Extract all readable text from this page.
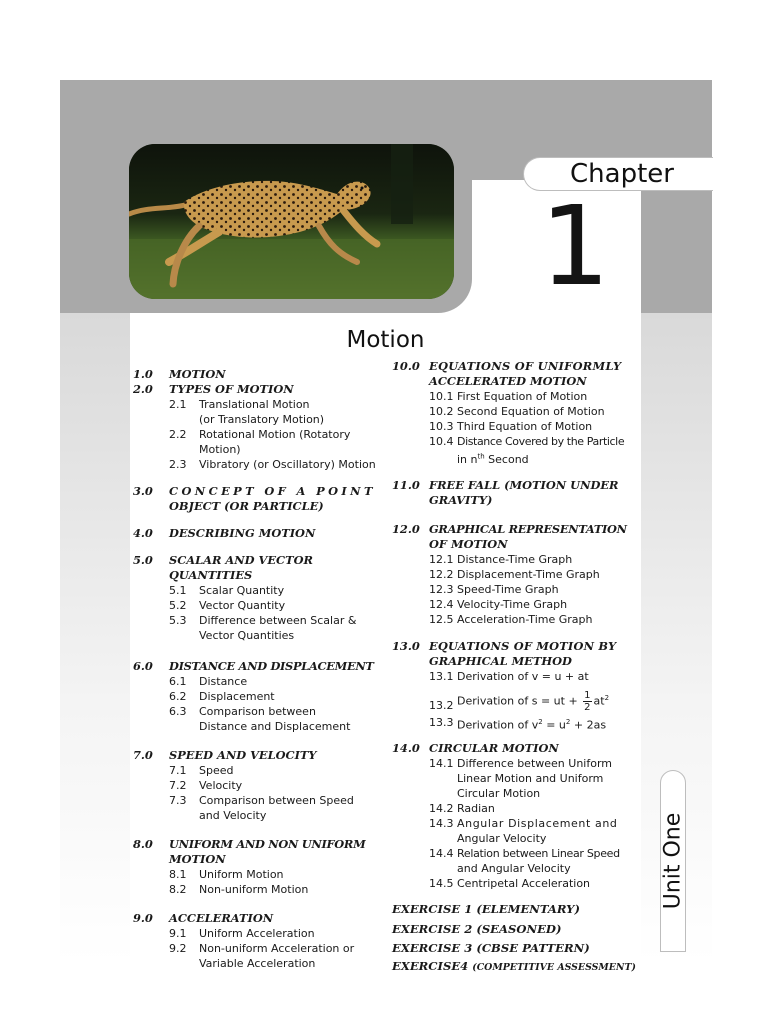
Chapter
1
Motion
1.0 MOTION
2.0 TYPES OF MOTION
2.1 Translational Motion
(or Translatory Motion)
2.2 Rotational Motion (Rotatory
Motion)
2.3 Vibratory (or Oscillatory) Motion
3.0 CONCEPT OF A POINT
OBJECT (OR PARTICLE)
4.0 DESCRIBING MOTION
5.0 SCALAR AND VECTOR
QUANTITIES
5.1 Scalar Quantity
5.2 Vector Quantity
5.3 Difference between Scalar &
Vector Quantities
6.0 DISTANCE AND DISPLACEMENT
6.1 Distance
6.2 Displacement
6.3 Comparison between
Distance and Displacement
7.0 SPEED AND VELOCITY
7.1 Speed
7.2 Velocity
7.3 Comparison between Speed
and Velocity
8.0 UNIFORM AND NON UNIFORM
MOTION
8.1 Uniform Motion
8.2 Non-uniform Motion
9.0 ACCELERATION
9.1 Uniform Acceleration
9.2 Non-uniform Acceleration or
Variable Acceleration
10.0 EQUATIONS OF UNIFORMLY
ACCELERATED MOTION
10.1 First Equation of Motion
10.2 Second Equation of Motion
10.3 Third Equation of Motion
10.4 Distance Covered by the Particle
in $n^{th}$ Second
11.0 FREE FALL (MOTION UNDER
GRAVITY)
12.0 GRAPHICAL REPRESENTATION
OF MOTION
12.1 Distance-Time Graph
12.2 Displacement-Time Graph
12.3 Speed-Time Graph
12.4 Velocity-Time Graph
12.5 Acceleration-Time Graph
13.0 EQUATIONS OF MOTION BY
GRAPHICAL METHOD
13.1 Derivation of v = u + at
13.2 Derivation of s = ut + $\frac{1}{2} at^2$
13.3 Derivation of $v^2 = u^2 + 2as$
14.0 CIRCULAR MOTION
14.1 Difference between Uniform
Linear Motion and Uniform
Circular Motion
14.2 Radian
14.3 Angular Displacement and
Angular Velocity
14.4 Relation between Linear Speed
and Angular Velocity
14.5 Centripetal Acceleration
EXERCISE 1 (ELEMENTARY)
EXERCISE 2 (SEASONED)
EXERCISE 3 (CBSE PATTERN)
EXERCISE4 (COMPETITIVE ASSESSMENT)
Unit One
